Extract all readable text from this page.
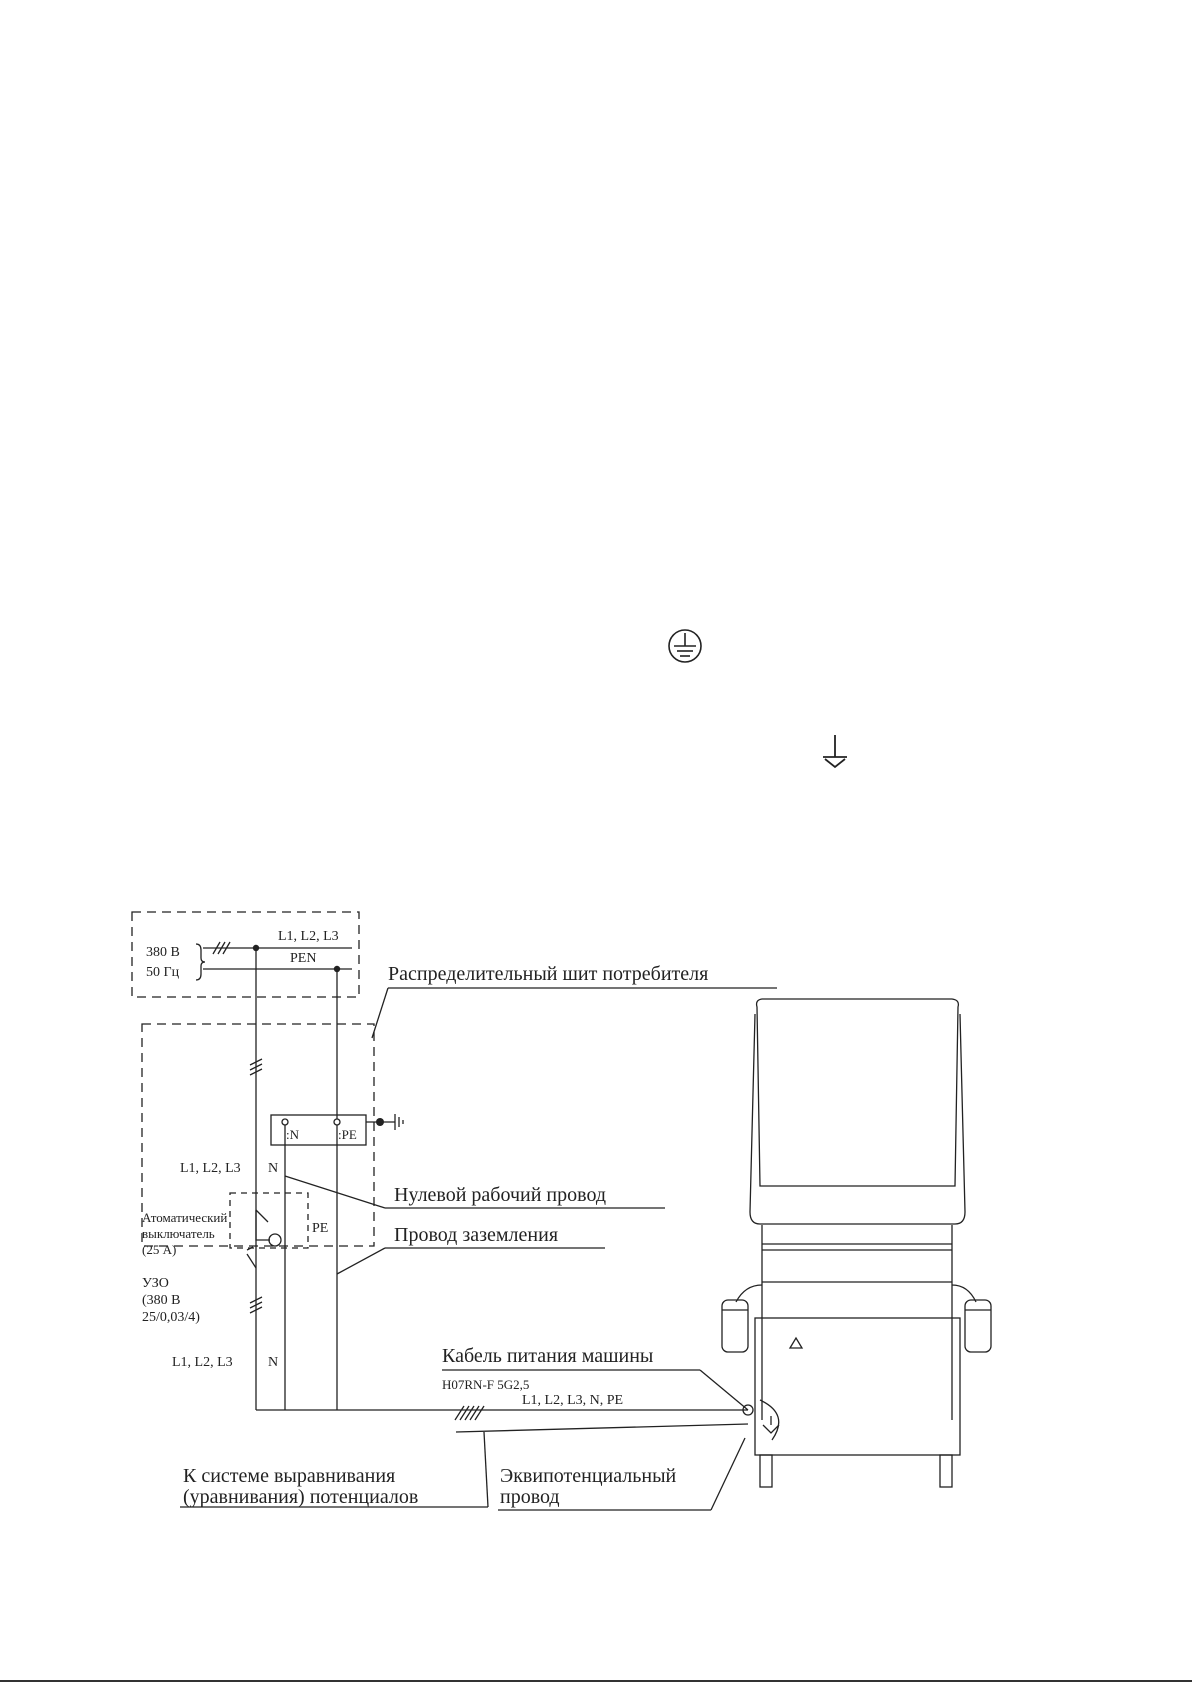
L1, L2, L3
PEN
380 В
50 Гц	Распределительный шит потребителя
:N	:PE
L1, L2, L3 N
Нулевой рабочий провод
PE	Провод заземления
Атоматический
выключатель
(25 А)
УЗО
(380 В
25/0,03/4)
L1, L2, L3	N	Кабель питания машины
H07RN-F 5G2,5
L1, L2, L3, N, PE
К системе выравнивания
(уравнивания) потенциалов
Эквипотенциальный
провод
